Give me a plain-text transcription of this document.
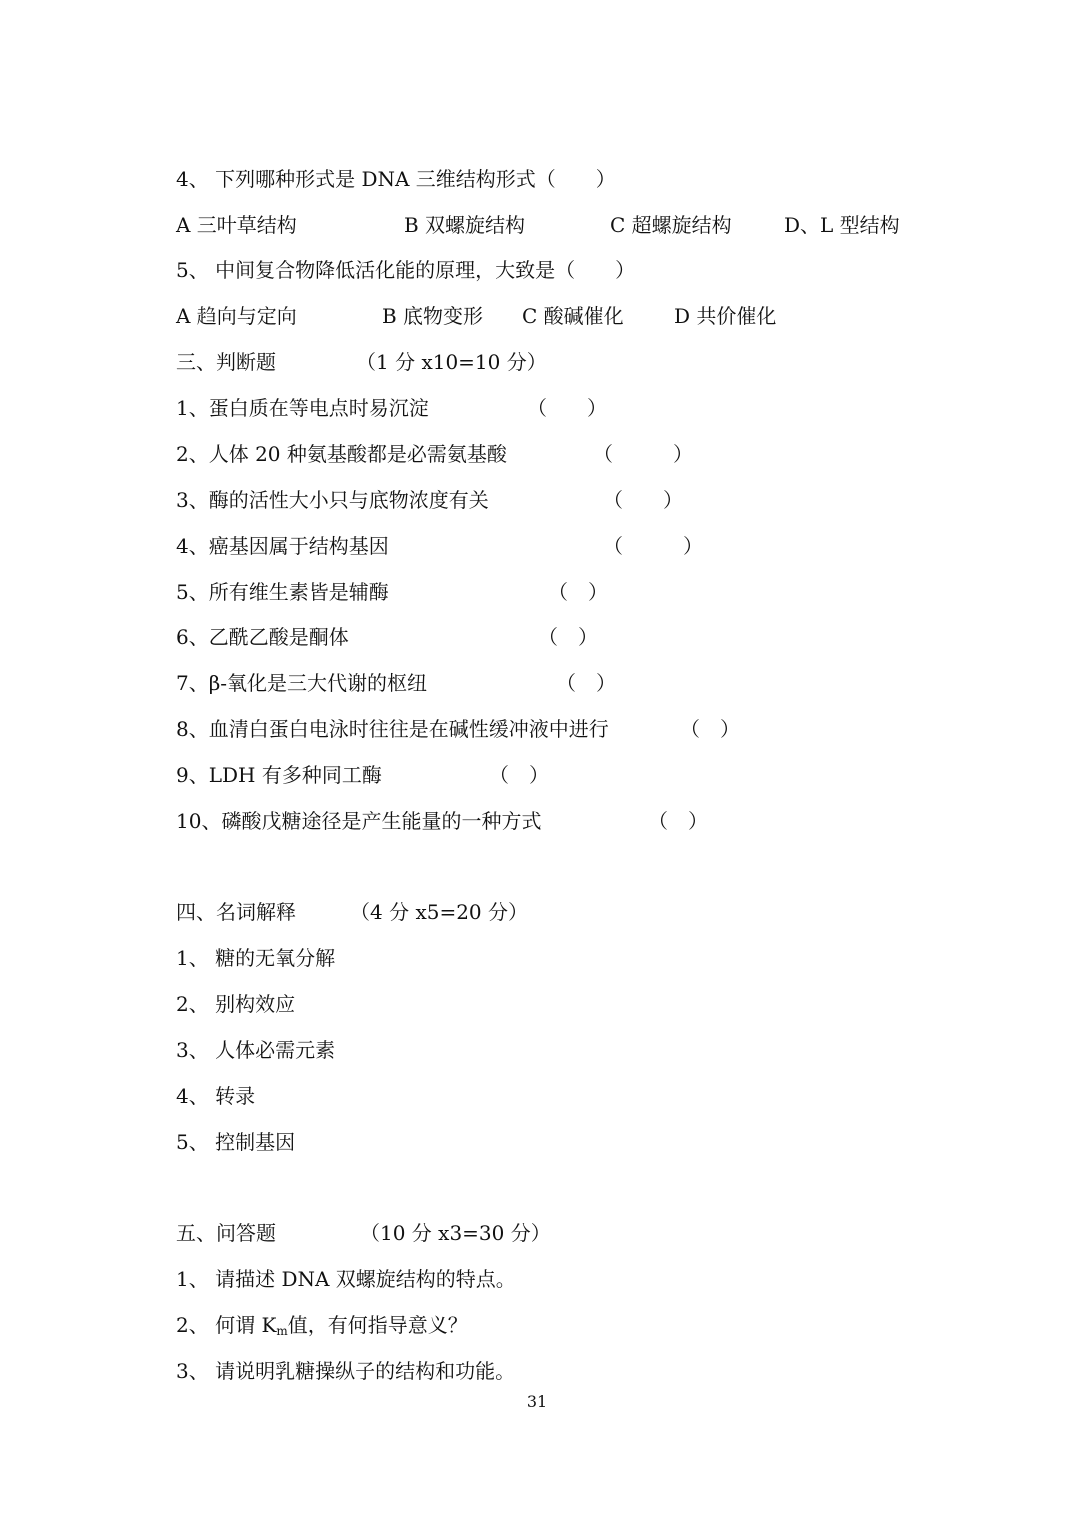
4、 下列哪种形式是 DNA 三维结构形式（　　）
A 三叶草结构	B 双螺旋结构	C 超螺旋结构	D、L 型结构
5、 中间复合物降低活化能的原理，大致是（　　）
A 趋向与定向	B 底物变形 C 酸碱催化	D 共价催化
三、判断题	（1 分 x10=10 分）
1、蛋白质在等电点时易沉淀	（　　）
2、人体 20 种氨基酸都是必需氨基酸	（　　　）
3、酶的活性大小只与底物浓度有关	（　　）
4、癌基因属于结构基因	（　　　）
5、所有维生素皆是辅酶	（　）
6、乙酰乙酸是酮体	（　）
7、β-氧化是三大代谢的枢纽	（　）
8、血清白蛋白电泳时往往是在碱性缓冲液中进行	（　）
9、LDH 有多种同工酶	（　）
10、磷酸戊糖途径是产生能量的一种方式	（　）
四、名词解释	（4 分 x5=20 分）
1、 糖的无氧分解
2、 别构效应
3、 人体必需元素
4、 转录
5、 控制基因
五、问答题	（10 分 x3=30 分）
1、 请描述 DNA 双螺旋结构的特点。
2、 何谓 $K_m$值，有何指导意义？
3、 请说明乳糖操纵子的结构和功能。
31
